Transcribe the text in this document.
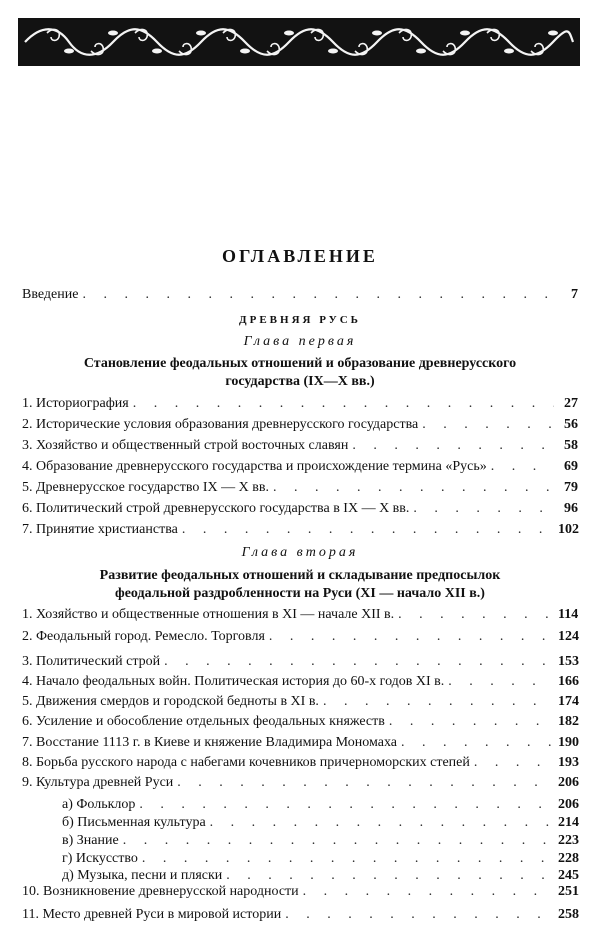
ОГЛАВЛЕНИЕ
Введение . . .	7
ДРЕВНЯЯ РУСЬ
Глава первая
Становление феодальных отношений и образование древнерусского
государства (IX—X вв.)
1. Историография . . .	27
2. Исторические условия образования древнерусского государства . . .	56
3. Хозяйство и общественный строй восточных славян . . .	58
4. Образование древнерусского государства и происхождение термина «Русь» . . .	69
5. Древнерусское государство IX — X вв. . . .	79
6. Политический строй древнерусского государства в IX — X вв. . . .	96
7. Принятие христианства . . .	102
Глава вторая
Развитие феодальных отношений и складывание предпосылок
феодальной раздробленности на Руси (XI — начало XII в.)
1. Хозяйство и общественные отношения в XI — начале XII в. . . .	114
2. Феодальный город. Ремесло. Торговля . . .	124
3. Политический строй . . .	153
4. Начало феодальных войн. Политическая история до 60-х годов XI в. . . .	166
5. Движения смердов и городской бедноты в XI в. . . .	174
6. Усиление и обособление отдельных феодальных княжеств . . .	182
7. Восстание 1113 г. в Киеве и княжение Владимира Мономаха . . .	190
8. Борьба русского народа с набегами кочевников причерноморских степей . . .	193
9. Культура древней Руси . . .	206
а) Фольклор . . .	206
б) Письменная культура . . .	214
в) Знание . . .	223
г) Искусство . . .	228
д) Музыка, песни и пляски . . .	245
10. Возникновение древнерусской народности . . .	251
11. Место древней Руси в мировой истории . . .	258
